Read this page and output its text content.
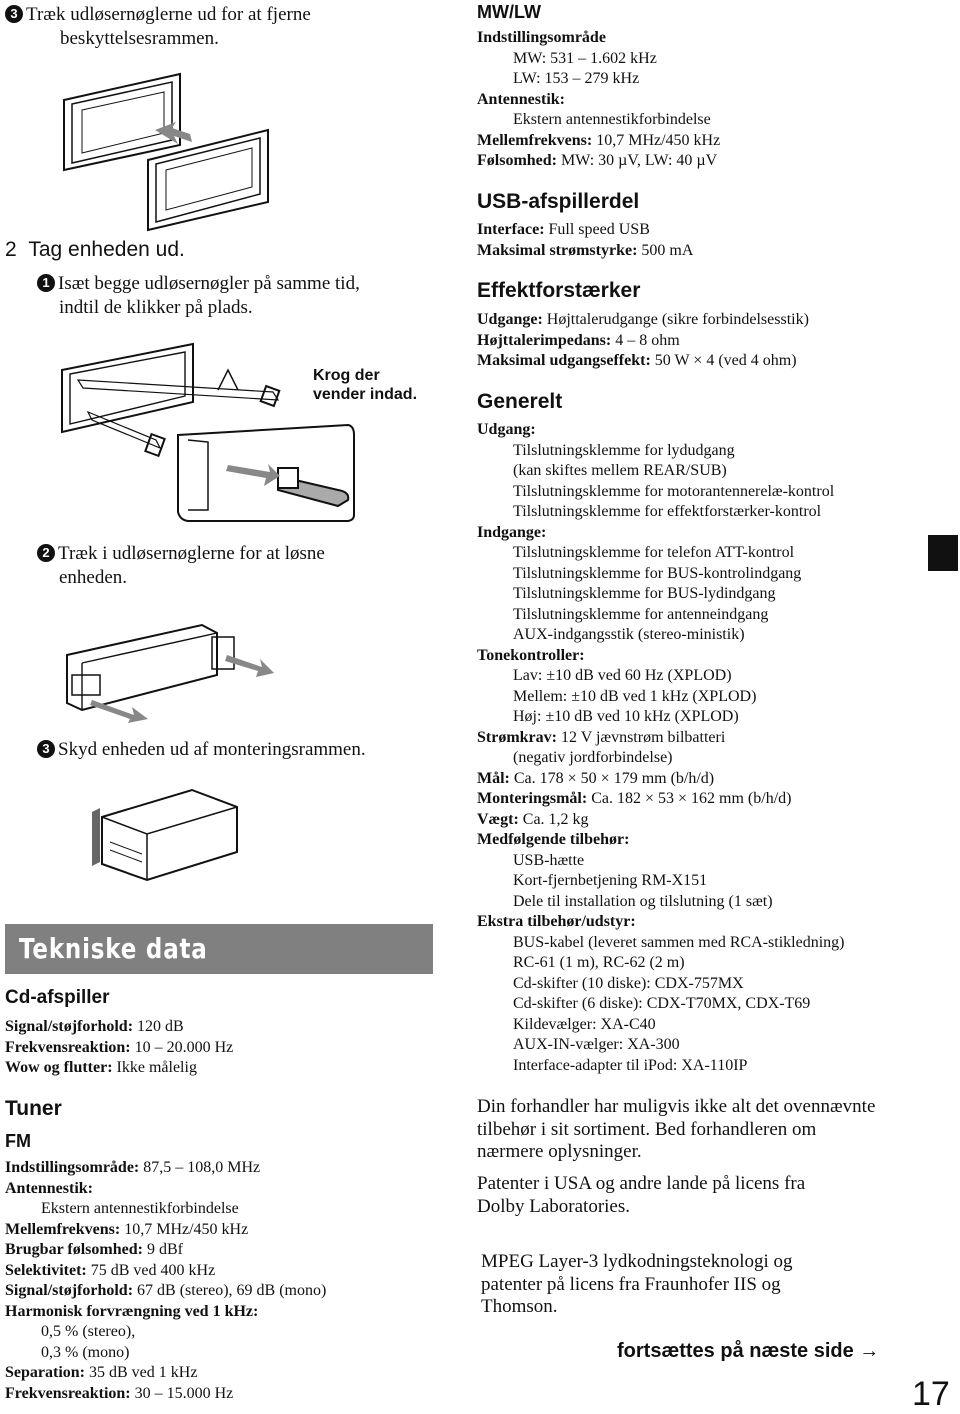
3 Træk udløsernøglerne ud for at fjerne
beskyttelsesrammen.
2 Tag enheden ud.
1 Isæt begge udløsernøgler på samme tid,
indtil de klikker på plads.
Krog der
vender indad.
2 Træk i udløsernøglerne for at løsne
enheden.
3 Skyd enheden ud af monteringsrammen.
Tekniske data
Cd-afspiller
Signal/støjforhold: 120 dB
Frekvensreaktion: 10 – 20.000 Hz
Wow og flutter: Ikke målelig
Tuner
FM
Indstillingsområde: 87,5 – 108,0 MHz
Antennestik:
Ekstern antennestikforbindelse
Mellemfrekvens: 10,7 MHz/450 kHz
Brugbar følsomhed: 9 dBf
Selektivitet: 75 dB ved 400 kHz
Signal/støjforhold: 67 dB (stereo), 69 dB (mono)
Harmonisk forvrængning ved 1 kHz:
0,5 % (stereo),
0,3 % (mono)
Separation: 35 dB ved 1 kHz
Frekvensreaktion: 30 – 15.000 Hz
MW/LW
Indstillingsområde
MW: 531 – 1.602 kHz
LW: 153 – 279 kHz
Antennestik:
Ekstern antennestikforbindelse
Mellemfrekvens: 10,7 MHz/450 kHz
Følsomhed: MW: 30 µV, LW: 40 µV
USB-afspillerdel
Interface: Full speed USB
Maksimal strømstyrke: 500 mA
Effektforstærker
Udgange: Højttalerudgange (sikre forbindelsesstik)
Højttalerimpedans: 4 – 8 ohm
Maksimal udgangseffekt: 50 W × 4 (ved 4 ohm)
Generelt
Udgang:
Tilslutningsklemme for lydudgang
(kan skiftes mellem REAR/SUB)
Tilslutningsklemme for motorantennerelæ-kontrol
Tilslutningsklemme for effektforstærker-kontrol
Indgange:
Tilslutningsklemme for telefon ATT-kontrol
Tilslutningsklemme for BUS-kontrolindgang
Tilslutningsklemme for BUS-lydindgang
Tilslutningsklemme for antenneindgang
AUX-indgangsstik (stereo-ministik)
Tonekontroller:
Lav: ±10 dB ved 60 Hz (XPLOD)
Mellem: ±10 dB ved 1 kHz (XPLOD)
Høj: ±10 dB ved 10 kHz (XPLOD)
Strømkrav: 12 V jævnstrøm bilbatteri
(negativ jordforbindelse)
Mål: Ca. 178 × 50 × 179 mm (b/h/d)
Monteringsmål: Ca. 182 × 53 × 162 mm (b/h/d)
Vægt: Ca. 1,2 kg
Medfølgende tilbehør:
USB-hætte
Kort-fjernbetjening RM-X151
Dele til installation og tilslutning (1 sæt)
Ekstra tilbehør/udstyr:
BUS-kabel (leveret sammen med RCA-stikledning)
RC-61 (1 m), RC-62 (2 m)
Cd-skifter (10 diske): CDX-757MX
Cd-skifter (6 diske): CDX-T70MX, CDX-T69
Kildevælger: XA-C40
AUX-IN-vælger: XA-300
Interface-adapter til iPod: XA-110IP
Din forhandler har muligvis ikke alt det ovennævnte
tilbehør i sit sortiment. Bed forhandleren om
nærmere oplysninger.
Patenter i USA og andre lande på licens fra
Dolby Laboratories.
MPEG Layer-3 lydkodningsteknologi og
patenter på licens fra Fraunhofer IIS og
Thomson.
fortsættes på næste side →
17
